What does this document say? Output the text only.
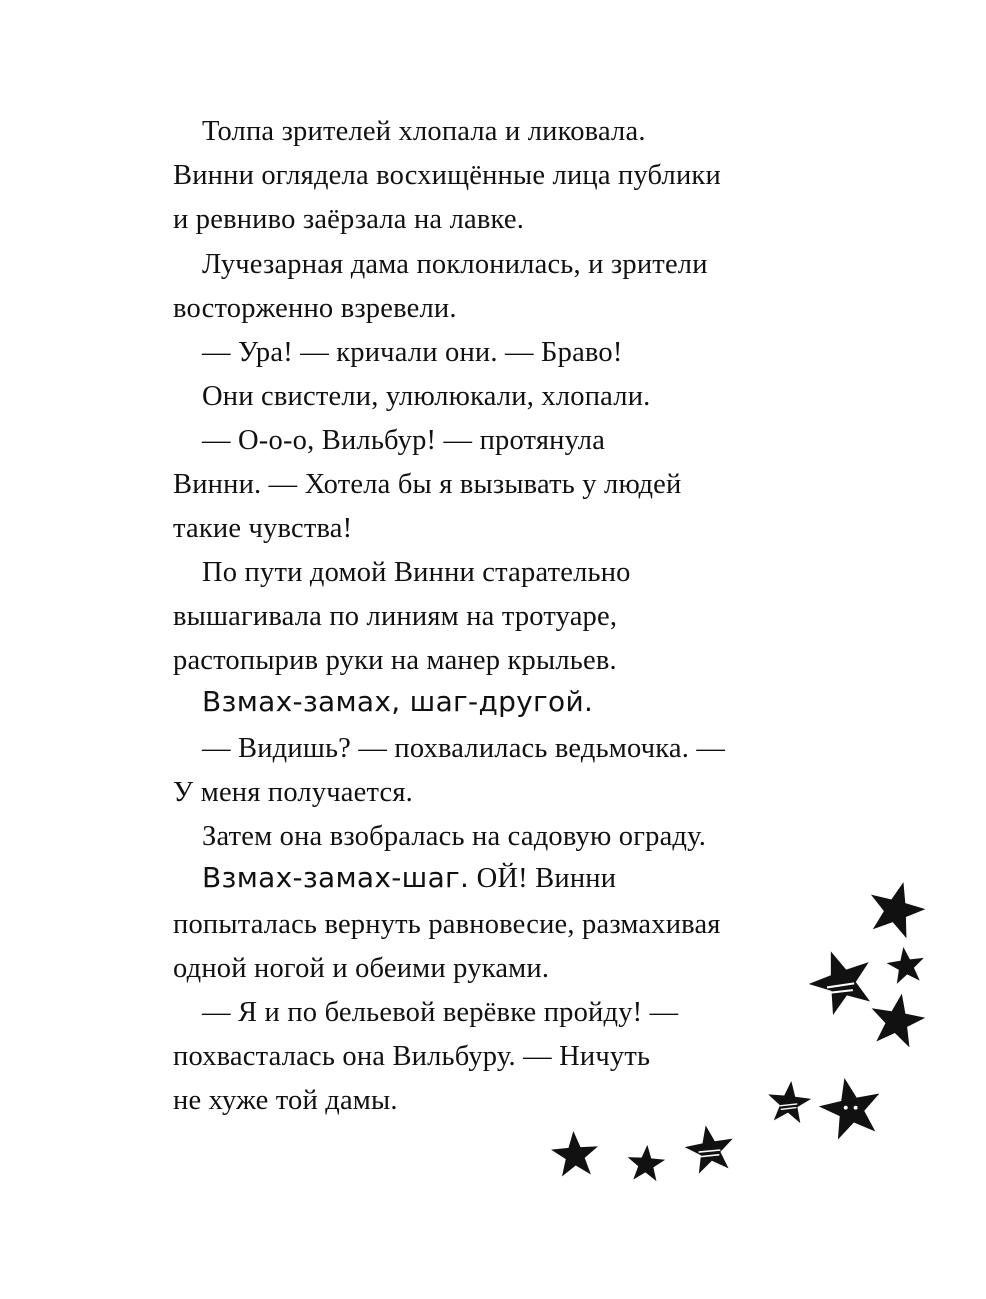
Толпа зрителей хлопала и ликовала.
Винни оглядела восхищённые лица публики
и ревниво заёрзала на лавке.
Лучезарная дама поклонилась, и зрители
восторженно взревели.
— Ура! — кричали они. — Браво!
Они свистели, улюлюкали, хлопали.
— О-о-о, Вильбур! — протянула
Винни. — Хотела бы я вызывать у людей
такие чувства!
По пути домой Винни старательно
вышагивала по линиям на тротуаре,
растопырив руки на манер крыльев.
Взмах-замах, шаг-другой.
— Видишь? — похвалилась ведьмочка. —
У меня получается.
Затем она взобралась на садовую ограду.
Взмах-замах-шаг. ОЙ! Винни
попыталась вернуть равновесие, размахивая
одной ногой и обеими руками.
— Я и по бельевой верёвке пройду! —
похвасталась она Вильбуру. — Ничуть
не хуже той дамы.
